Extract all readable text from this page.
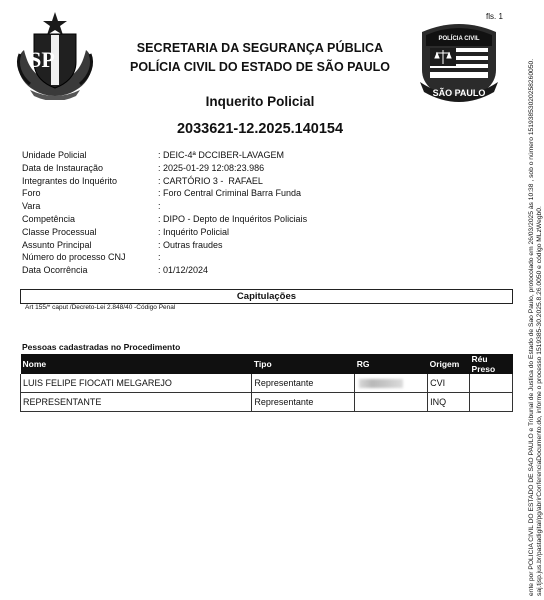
SP
POLÍCIA CIVIL
SÃO PAULO
fls. 1
SECRETARIA DA SEGURANÇA PÚBLICA
POLÍCIA CIVIL DO ESTADO DE SÃO PAULO
Inquerito Policial
2033621-12.2025.140154
Unidade Policial	: DEIC-4ª DCCIBER-LAVAGEM
Data de Instauração	: 2025-01-29 12:08:23.986
Integrantes do Inquérito	: CARTÓRIO 3 -  RAFAEL
Foro	: Foro Central Criminal Barra Funda
Vara	:
Competência	: DIPO - Depto de Inquéritos Policiais
Classe Processual	: Inquérito Policial
Assunto Principal	: Outras fraudes
Número do processo CNJ	:
Data Ocorrência	: 01/12/2024
Capitulações
Art 155/* caput /Decreto-Lei 2.848/40 -Código Penal
Pessoas cadastradas no Procedimento
Nome	Tipo	RG	Origem	Réu Preso
LUIS FELIPE FIOCATI MELGAREJO	Representante		CVI	
REPRESENTANTE	Representante		INQ		ente por POLICIA CIVIL DO ESTADO DE SAO PAULO e Tribunal de Justica do Estado de Sao Paulo, protocolado em 26/03/2025 às 10:38 , sob o número 15193853020258260050. saj.tjsp.jus.br/pastadigital/pg/abrirConferenciaDocumento.do, informe o processo 1519385-30.2025.8.26.0050 e código MLzWegb0.
